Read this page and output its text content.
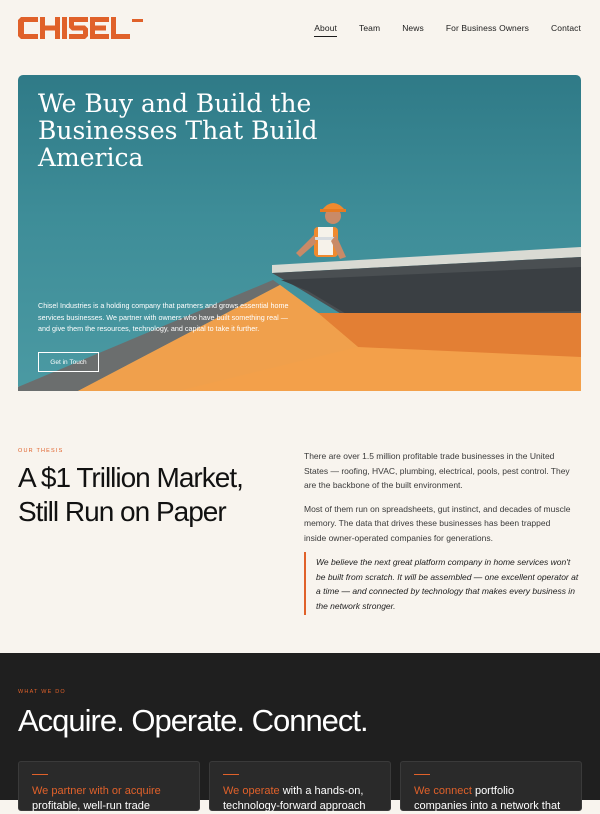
About	Team	News	For Business Owners	Contact
We Buy and Build the Businesses That Build America

Chisel Industries is a holding company that partners and grows essential home services businesses. We partner with owners who have built something real — and give them the resources, technology, and capital to take it further.

Get in Touch
OUR THESIS
A $1 Trillion Market, Still Run on Paper

There are over 1.5 million profitable trade businesses in the United States — roofing, HVAC, plumbing, electrical, pools, pest control. They are the backbone of the built environment.

Most of them run on spreadsheets, gut instinct, and decades of muscle memory. The data that drives these businesses has been trapped inside owner-operated companies for generations.

We believe the next great platform company in home services won't be built from scratch. It will be assembled — one excellent operator at a time — and connected by technology that makes every business in the network stronger.
WHAT WE DO
Acquire. Operate. Connect.
We partner with or acquire profitable, well-run trade
We operate with a hands-on, technology-forward approach
We connect portfolio companies into a network that
